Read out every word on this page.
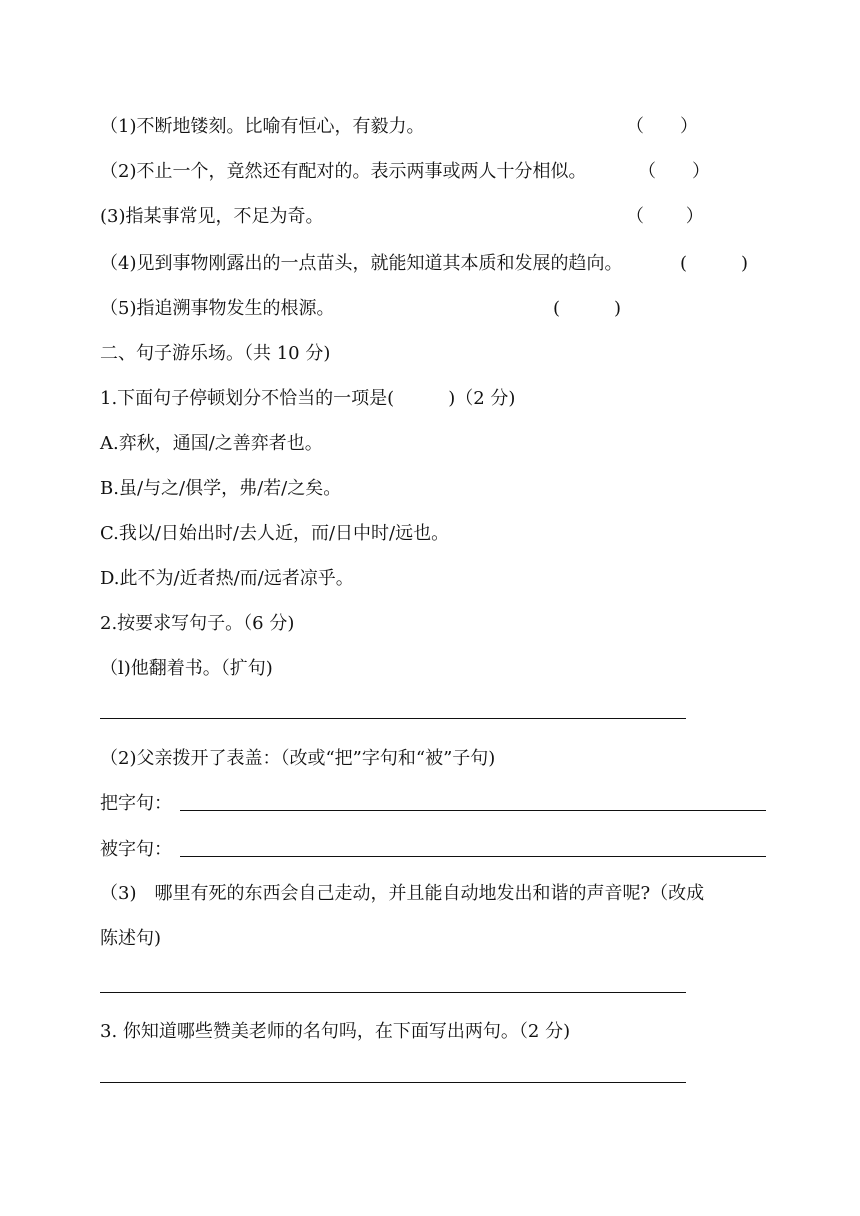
（1)不断地镂刻。比喻有恒心，有毅力。	（　　）
（2)不止一个，竟然还有配对的。表示两事或两人十分相似。	（　　）
(3)指某事常见，不足为奇。	（　　 ）
（4)见到事物刚露出的一点苗头，就能知道其本质和发展的趋向。	(　　　)
（5)指追溯事物发生的根源。	(　　　)
二、句子游乐场。（共 10 分)
1.下面句子停顿划分不恰当的一项是(　　　)（2 分)
A.弈秋，通国/之善弈者也。
B.虽/与之/俱学，弗/若/之矣。
C.我以/日始出时/去人近，而/日中时/远也。
D.此不为/近者热/而/远者凉乎。
2.按要求写句子。（6 分)
（l)他翻着书。（扩句)
（2)父亲拨开了表盖：（改或“把”字句和“被”子句)
把字句：
被字句：
（3)　哪里有死的东西会自己走动，并且能自动地发出和谐的声音呢?（改成
陈述句)
3. 你知道哪些赞美老师的名句吗，在下面写出两句。（2 分)
